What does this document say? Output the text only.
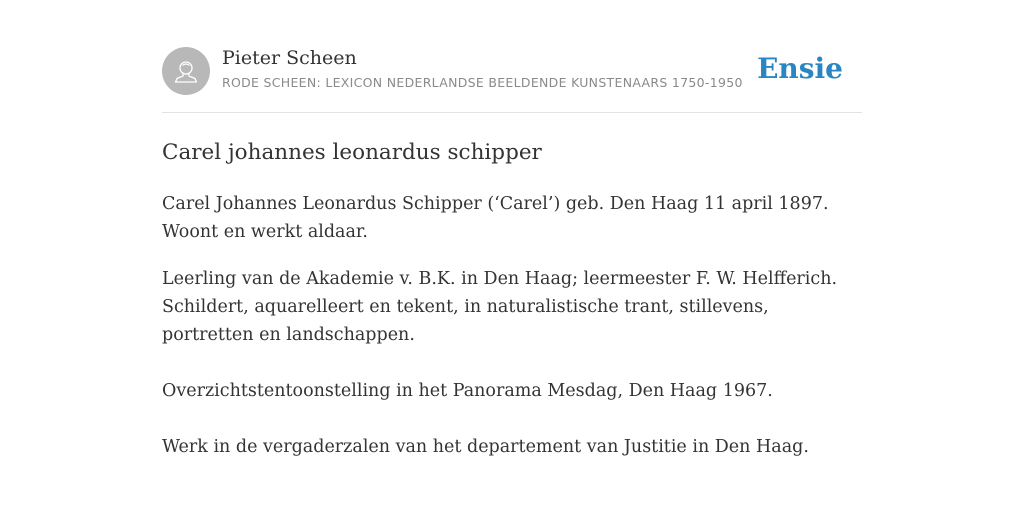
Pieter Scheen
RODE SCHEEN: LEXICON NEDERLANDSE BEELDENDE KUNSTENAARS 1750-1950 Ensie
Carel johannes leonardus schipper

Carel Johannes Leonardus Schipper (‘Carel’) geb. Den Haag 11 april 1897. Woont en werkt aldaar.

Leerling van de Akademie v. B.K. in Den Haag; leermeester F. W. Helfferich. Schildert, aquarelleert en tekent, in naturalistische trant, stillevens, portretten en landschappen.

Overzichtstentoonstelling in het Panorama Mesdag, Den Haag 1967.

Werk in de vergaderzalen van het departement van Justitie in Den Haag.
